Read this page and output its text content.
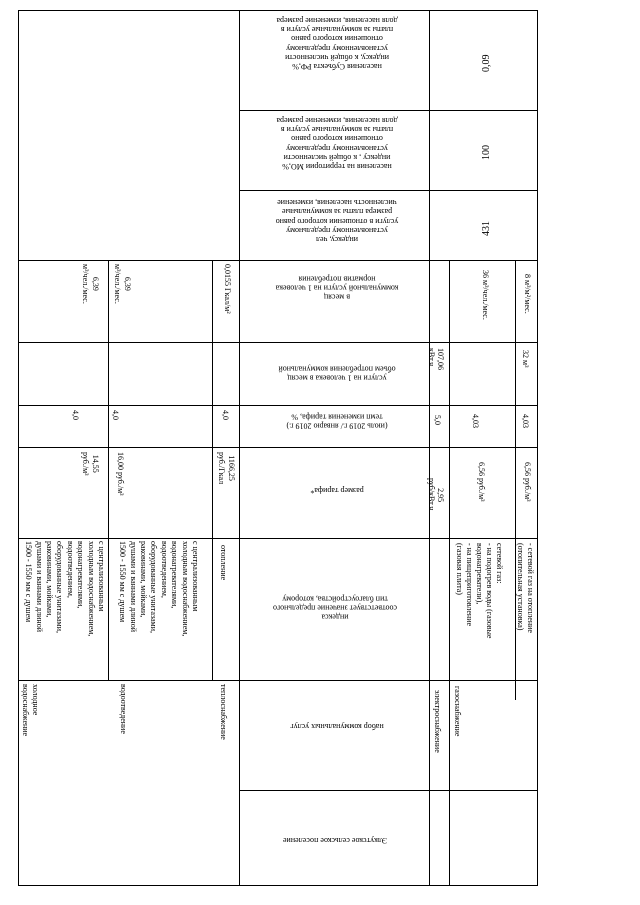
населения Субъекта РФ,%
индексу, к общей численности
установленному предельному
отношении которого равно
платы за коммунальные услуги в
доля населения, изменение размера
0,09
населения на территории МО,%
индексу , к общей численности
установленному предельному
отношении которого равно
платы за коммунальные услуги в
доля населения, изменение размера
100
индексу, чел
установленному предельному
услуги в отношении которого равно
размера платы за коммунальные
численность населения, изменение
431
в месяц
коммунальной услуги на 1 человека
норматив потребления
услуги на 1 человека в месяц
объем потребления коммунальной
(июль 2019 г./ январю 2019 г.)
темп изменения тарифа, %
размер тарифа*
индекса
соответствует значение предельного
тип благоустройства, которому
набор коммунальных услуг
Элкутское сельское поселение
6,39
м³/чел./мес.
4,0
14,55
руб./м³
с централизованным
холодным водоснабжением,
водонагревателями,
водоотведением,
оборудованные унитазами,
раковинами, мойками,
душами и ваннами длиной
1500 - 1550 мм с душем
холодное водоснабжение
6,39
м³/чел./мес.
4,0
16,00 руб./м³
с централизованным
холодным водоснабжением,
водонагревателями,
водоотведением,
оборудованные унитазами,
раковинами, мойками,
душами и ваннами длиной
1500 - 1550 мм с душем
водоотведение
0,0155 Гкал/м²
4,0
1166,25
руб./Гкал
отопление
теплоснабжение
107,06
кВт.ч.
5,0
2,95
руб/кВт.ч.
электроснабжение
36 м³/чел./мес.
4,03
6,56 руб./м³
сетевой газ:
- на подогрев воды (газовые
водонагреватели),
- на пищеприготовление
(газовая плита)
газоснабжение
8 м³/м²/мес.
32 м³
4,03
6,56 руб./м³
- сетевой газ на отопление
(отопительная установка)
